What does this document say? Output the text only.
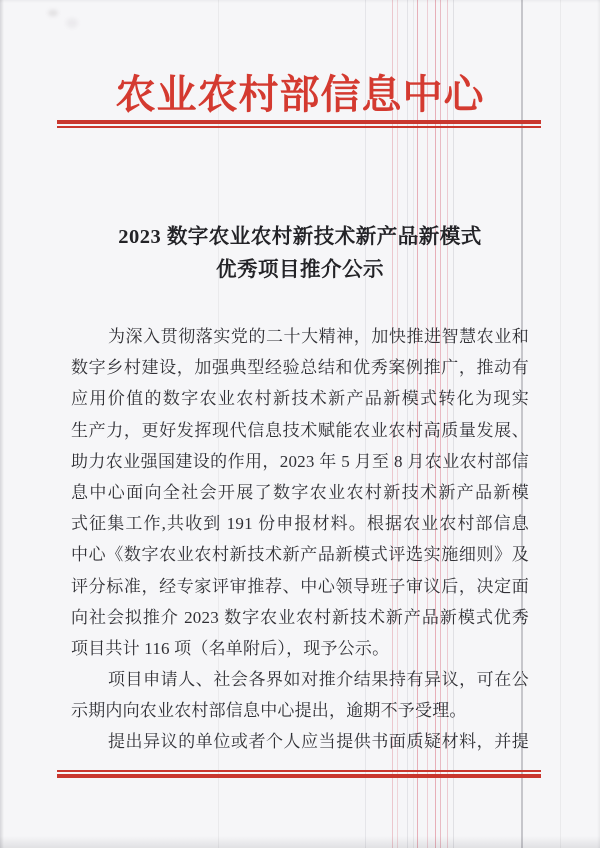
农业农村部信息中心
2023 数字农业农村新技术新产品新模式
优秀项目推介公示
为深入贯彻落实党的二十大精神，加快推进智慧农业和
数字乡村建设，加强典型经验总结和优秀案例推广，推动有
应用价值的数字农业农村新技术新产品新模式转化为现实
生产力，更好发挥现代信息技术赋能农业农村高质量发展、
助力农业强国建设的作用，2023 年 5 月至 8 月农业农村部信
息中心面向全社会开展了数字农业农村新技术新产品新模
式征集工作,共收到 191 份申报材料。根据农业农村部信息
中心《数字农业农村新技术新产品新模式评选实施细则》及
评分标准，经专家评审推荐、中心领导班子审议后，决定面
向社会拟推介 2023 数字农业农村新技术新产品新模式优秀
项目共计 116 项（名单附后），现予公示。
项目申请人、社会各界如对推介结果持有异议，可在公
示期内向农业农村部信息中心提出，逾期不予受理。
提出异议的单位或者个人应当提供书面质疑材料，并提
